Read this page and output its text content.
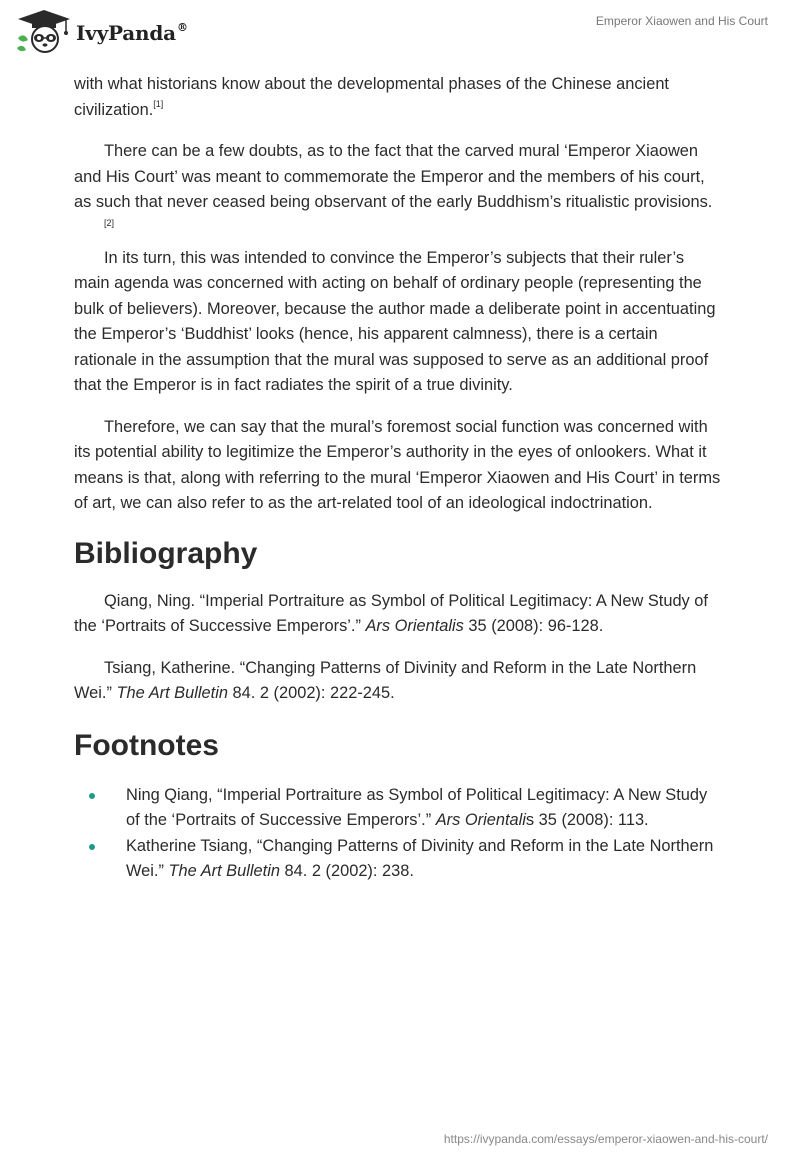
IvyPanda®	Emperor Xiaowen and His Court

with what historians know about the developmental phases of the Chinese ancient civilization.[1]

There can be a few doubts, as to the fact that the carved mural ‘Emperor Xiaowen and His Court’ was meant to commemorate the Emperor and the members of his court, as such that never ceased being observant of the early Buddhism’s ritualistic provisions.
[2]

In its turn, this was intended to convince the Emperor’s subjects that their ruler’s main agenda was concerned with acting on behalf of ordinary people (representing the bulk of believers). Moreover, because the author made a deliberate point in accentuating the Emperor’s ‘Buddhist’ looks (hence, his apparent calmness), there is a certain rationale in the assumption that the mural was supposed to serve as an additional proof that the Emperor is in fact radiates the spirit of a true divinity.

Therefore, we can say that the mural’s foremost social function was concerned with its potential ability to legitimize the Emperor’s authority in the eyes of onlookers. What it means is that, along with referring to the mural ‘Emperor Xiaowen and His Court’ in terms of art, we can also refer to as the art-related tool of an ideological indoctrination.

Bibliography

Qiang, Ning. “Imperial Portraiture as Symbol of Political Legitimacy: A New Study of the ‘Portraits of Successive Emperors’.” Ars Orientalis 35 (2008): 96-128.

Tsiang, Katherine. “Changing Patterns of Divinity and Reform in the Late Northern Wei.” The Art Bulletin 84. 2 (2002): 222-245.

Footnotes
Ning Qiang, “Imperial Portraiture as Symbol of Political Legitimacy: A New Study of the ‘Portraits of Successive Emperors’.” Ars Orientalis 35 (2008): 113.
Katherine Tsiang, “Changing Patterns of Divinity and Reform in the Late Northern Wei.” The Art Bulletin 84. 2 (2002): 238.
https://ivypanda.com/essays/emperor-xiaowen-and-his-court/
